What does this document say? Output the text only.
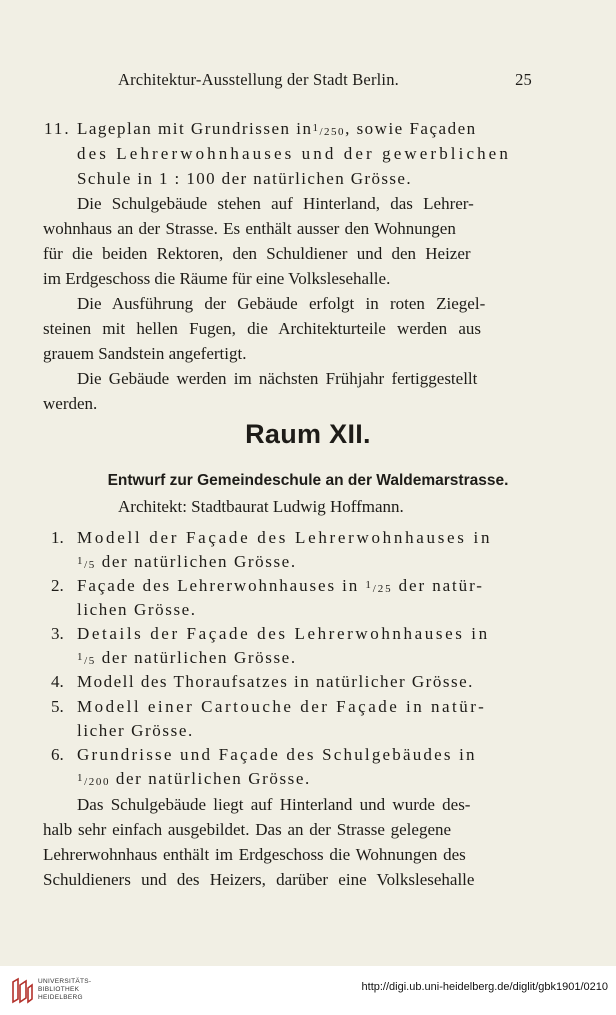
Architektur-Ausstellung der Stadt Berlin.	25
11. Lageplan mit Grundrissen $in^1/250$, sowie Façaden
des Lehrerwohnhauses und der gewerblichen
Schule in 1 : 100 der natürlichen Grösse.
Die Schulgebäude stehen auf Hinterland, das Lehrer-
wohnhaus an der Strasse. Es enthält ausser den Wohnungen
für die beiden Rektoren, den Schuldiener und den Heizer
im Erdgeschoss die Räume für eine Volkslesehalle.
Die Ausführung der Gebäude erfolgt in roten Ziegel-
steinen mit hellen Fugen, die Architekturteile werden aus
grauem Sandstein angefertigt.
Die Gebäude werden im nächsten Frühjahr fertiggestellt
werden.
Raum XII.
Entwurf zur Gemeindeschule an der Waldemarstrasse.
Architekt: Stadtbaurat Ludwig Hoffmann.
1. Modell der Façade des Lehrerwohnhauses in
$^1$/5 der natürlichen Grösse.
2. Façade des Lehrerwohnhauses in $^1$/25 der natür-
lichen Grösse.
3. Details der Façade des Lehrerwohnhauses in
$^1$/5 der natürlichen Grösse.
4. Modell des Thoraufsatzes in natürlicher Grösse.
5. Modell einer Cartouche der Façade in natür-
licher Grösse.
6. Grundrisse und Façade des Schulgebäudes in
$^1$/200 der natürlichen Grösse.
Das Schulgebäude liegt auf Hinterland und wurde des-
halb sehr einfach ausgebildet. Das an der Strasse gelegene
Lehrerwohnhaus enthält im Erdgeschoss die Wohnungen des
Schuldieners und des Heizers, darüber eine Volkslesehalle
UNIVERSITÄTS-
BIBLIOTHEK
HEIDELBERG
http://digi.ub.uni-heidelberg.de/diglit/gbk1901/0210
